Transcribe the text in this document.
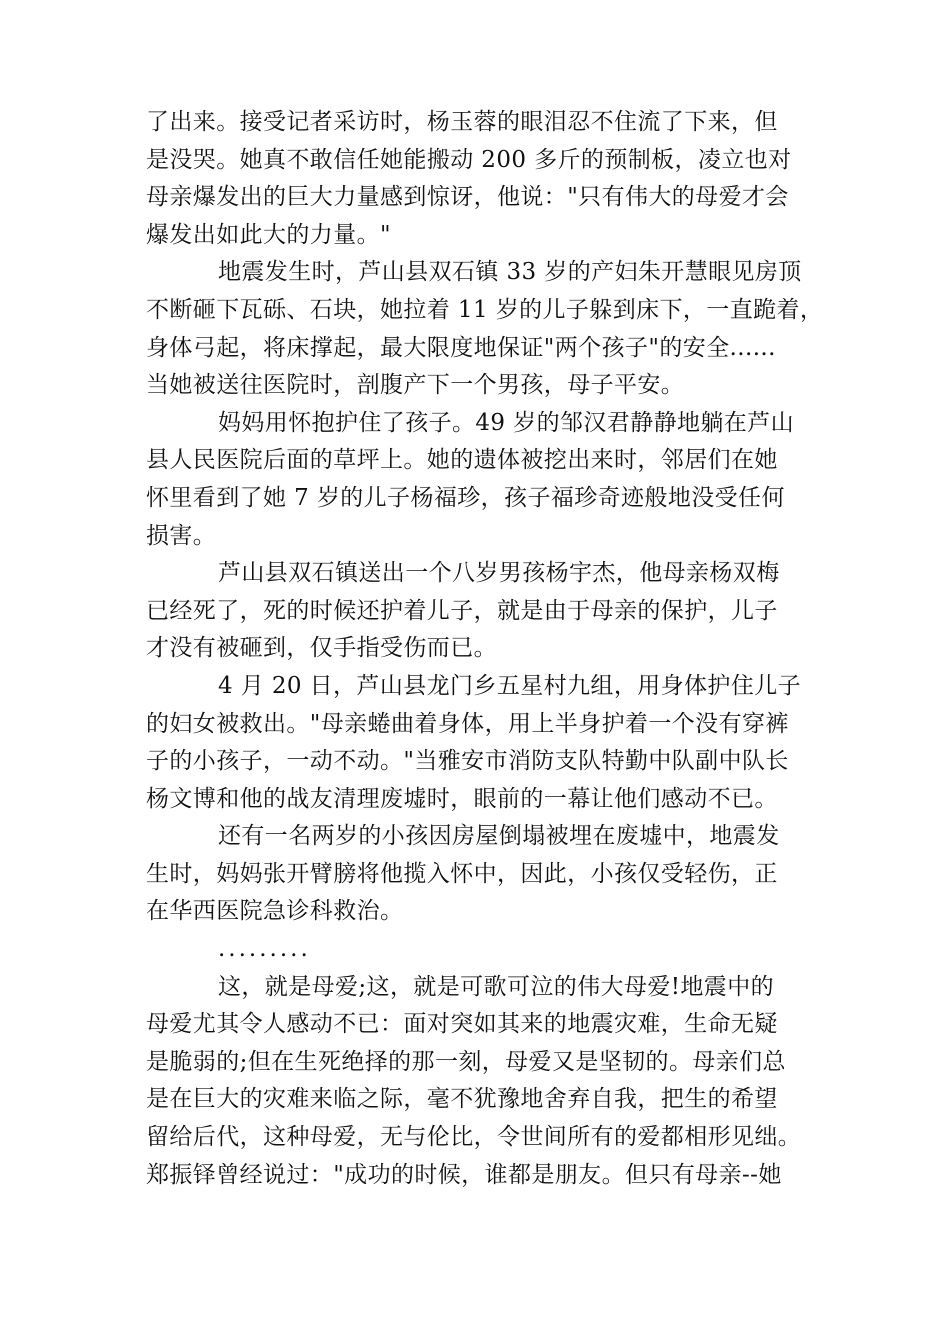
了出来。接受记者采访时，杨玉蓉的眼泪忍不住流了下来，但
是没哭。她真不敢信任她能搬动 200 多斤的预制板，凌立也对
母亲爆发出的巨大力量感到惊讶，他说："只有伟大的母爱才会
爆发出如此大的力量。"
地震发生时，芦山县双石镇 33 岁的产妇朱开慧眼见房顶
不断砸下瓦砾、石块，她拉着 11 岁的儿子躲到床下，一直跪着，
身体弓起，将床撑起，最大限度地保证"两个孩子"的安全......
当她被送往医院时，剖腹产下一个男孩，母子平安。
妈妈用怀抱护住了孩子。49 岁的邹汉君静静地躺在芦山
县人民医院后面的草坪上。她的遗体被挖出来时，邻居们在她
怀里看到了她 7 岁的儿子杨福珍，孩子福珍奇迹般地没受任何
损害。
芦山县双石镇送出一个八岁男孩杨宇杰，他母亲杨双梅
已经死了，死的时候还护着儿子，就是由于母亲的保护，儿子
才没有被砸到，仅手指受伤而已。
4 月 20 日，芦山县龙门乡五星村九组，用身体护住儿子
的妇女被救出。"母亲蜷曲着身体，用上半身护着一个没有穿裤
子的小孩子，一动不动。"当雅安市消防支队特勤中队副中队长
杨文博和他的战友清理废墟时，眼前的一幕让他们感动不已。
还有一名两岁的小孩因房屋倒塌被埋在废墟中，地震发
生时，妈妈张开臂膀将他揽入怀中，因此，小孩仅受轻伤，正
在华西医院急诊科救治。
.........
这，就是母爱;这，就是可歌可泣的伟大母爱!地震中的
母爱尤其令人感动不已：面对突如其来的地震灾难，生命无疑
是脆弱的;但在生死绝择的那一刻，母爱又是坚韧的。母亲们总
是在巨大的灾难来临之际，毫不犹豫地舍弃自我，把生的希望
留给后代，这种母爱，无与伦比，令世间所有的爱都相形见绌。
郑振铎曾经说过："成功的时候，谁都是朋友。但只有母亲--她
